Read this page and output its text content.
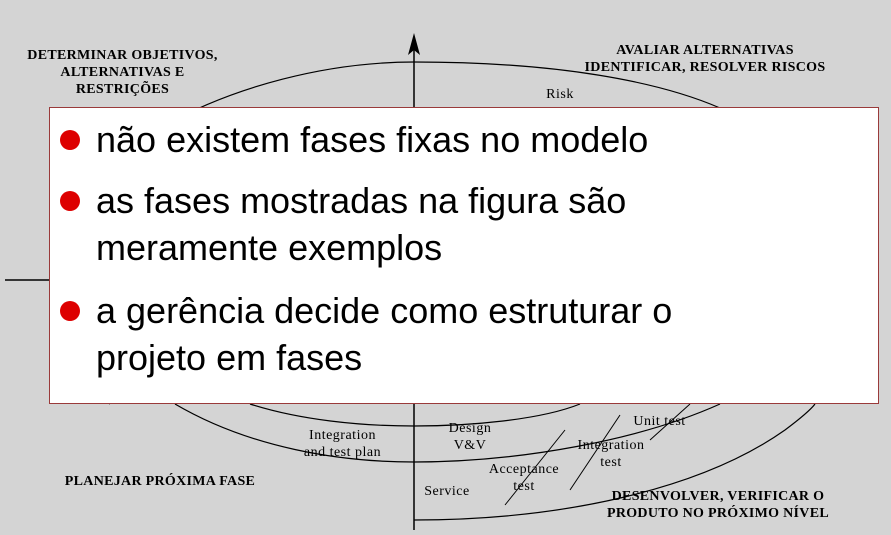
DETERMINAR OBJETIVOS,
ALTERNATIVAS E
RESTRIÇÕES
AVALIAR ALTERNATIVAS
IDENTIFICAR, RESOLVER RISCOS
PLANEJAR PRÓXIMA FASE
DESENVOLVER, VERIFICAR O
PRODUTO NO PRÓXIMO NÍVEL
Risk
Integration
and test plan
Design
V&V
Unit test
Integration
test
Acceptance
test
Service
não existem fases fixas no modelo
as fases mostradas na figura são
meramente exemplos
a gerência decide como estruturar o
projeto em fases
